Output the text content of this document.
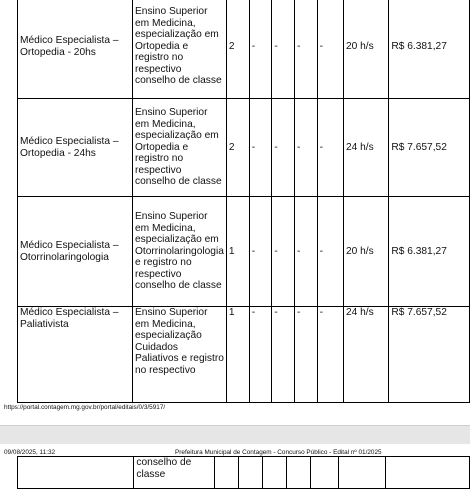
Médico Especialista – Ortopedia - 20hs	Ensino Superior em Medicina, especialização em Ortopedia e registro no respectivo conselho de classe	2	-	-	-	-	20 h/s	R$ 6.381,27
Médico Especialista – Ortopedia - 24hs	Ensino Superior em Medicina, especialização em Ortopedia e registro no respectivo conselho de classe	2	-	-	-	-	24 h/s	R$ 7.657,52
Médico Especialista – Otorrinolaringologia	Ensino Superior em Medicina, especialização em Otorrinolaringologia e registro no respectivo conselho de classe	1	-	-	-	-	20 h/s	R$ 6.381,27
Médico Especialista – Paliativista	Ensino Superior em Medicina, especialização Cuidados Paliativos e registro no respectivo	1	-	-	-	-	24 h/s	R$ 7.657,52
https://portal.contagem.mg.gov.br/portal/editais/0/3/5917/
09/08/2025, 11:32	Prefeitura Municipal de Contagem - Concurso Público - Edital nº 01/2025
	conselho de classe							
